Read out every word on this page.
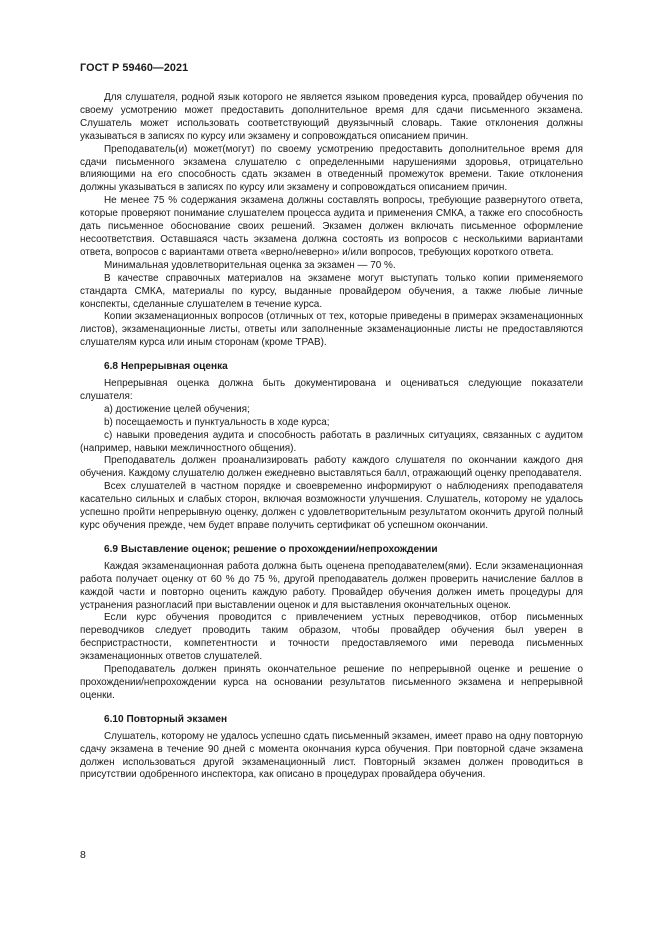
ГОСТ Р 59460—2021

Для слушателя, родной язык которого не является языком проведения курса, провайдер обучения по своему усмотрению может предоставить дополнительное время для сдачи письменного экзамена. Слушатель может использовать соответствующий двуязычный словарь. Такие отклонения должны указываться в записях по курсу или экзамену и сопровождаться описанием причин.

Преподаватель(и) может(могут) по своему усмотрению предоставить дополнительное время для сдачи письменного экзамена слушателю с определенными нарушениями здоровья, отрицательно влияющими на его способность сдать экзамен в отведенный промежуток времени. Такие отклонения должны указываться в записях по курсу или экзамену и сопровождаться описанием причин.

Не менее 75 % содержания экзамена должны составлять вопросы, требующие развернутого ответа, которые проверяют понимание слушателем процесса аудита и применения СМКА, а также его способность дать письменное обоснование своих решений. Экзамен должен включать письменное оформление несоответствия. Оставшаяся часть экзамена должна состоять из вопросов с несколькими вариантами ответа, вопросов с вариантами ответа «верно/неверно» и/или вопросов, требующих короткого ответа.

Минимальная удовлетворительная оценка за экзамен — 70 %.

В качестве справочных материалов на экзамене могут выступать только копии применяемого стандарта СМКА, материалы по курсу, выданные провайдером обучения, а также любые личные конспекты, сделанные слушателем в течение курса.

Копии экзаменационных вопросов (отличных от тех, которые приведены в примерах экзаменационных листов), экзаменационные листы, ответы или заполненные экзаменационные листы не предоставляются слушателям курса или иным сторонам (кроме TPAB).

6.8 Непрерывная оценка

Непрерывная оценка должна быть документирована и оцениваться следующие показатели слушателя:

a) достижение целей обучения;

b) посещаемость и пунктуальность в ходе курса;

c) навыки проведения аудита и способность работать в различных ситуациях, связанных с аудитом (например, навыки межличностного общения).

Преподаватель должен проанализировать работу каждого слушателя по окончании каждого дня обучения. Каждому слушателю должен ежедневно выставляться балл, отражающий оценку преподавателя.

Всех слушателей в частном порядке и своевременно информируют о наблюдениях преподавателя касательно сильных и слабых сторон, включая возможности улучшения. Слушатель, которому не удалось успешно пройти непрерывную оценку, должен с удовлетворительным результатом окончить другой полный курс обучения прежде, чем будет вправе получить сертификат об успешном окончании.

6.9 Выставление оценок; решение о прохождении/непрохождении

Каждая экзаменационная работа должна быть оценена преподавателем(ями). Если экзаменационная работа получает оценку от 60 % до 75 %, другой преподаватель должен проверить начисление баллов в каждой части и повторно оценить каждую работу. Провайдер обучения должен иметь процедуры для устранения разногласий при выставлении оценок и для выставления окончательных оценок.

Если курс обучения проводится с привлечением устных переводчиков, отбор письменных переводчиков следует проводить таким образом, чтобы провайдер обучения был уверен в беспристрастности, компетентности и точности предоставляемого ими перевода письменных экзаменационных ответов слушателей.

Преподаватель должен принять окончательное решение по непрерывной оценке и решение о прохождении/непрохождении курса на основании результатов письменного экзамена и непрерывной оценки.

6.10 Повторный экзамен

Слушатель, которому не удалось успешно сдать письменный экзамен, имеет право на одну повторную сдачу экзамена в течение 90 дней с момента окончания курса обучения. При повторной сдаче экзамена должен использоваться другой экзаменационный лист. Повторный экзамен должен проводиться в присутствии одобренного инспектора, как описано в процедурах провайдера обучения.

8
